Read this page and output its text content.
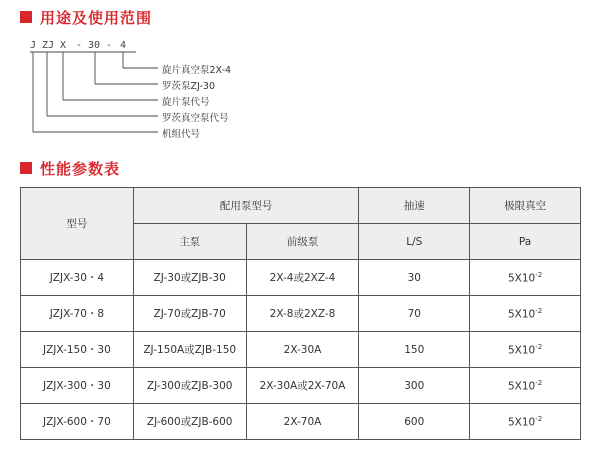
用途及使用范围
J ZJ X - 30 - 4
旋片真空泵2X-4
罗茨泵ZJ-30
旋片泵代号
罗茨真空泵代号
机组代号
性能参数表
型号	配用泵型号		抽速	极限真空
	主泵	前级泵	L/S	Pa
JZJX-30・4	ZJ-30或ZJB-30	2X-4或2XZ-4	30	$5X10^{-2}$
JZJX-70・8	ZJ-70或ZJB-70	2X-8或2XZ-8	70	$5X10^{-2}$
JZJX-150・30	ZJ-150A或ZJB-150	2X-30A	150	$5X10^{-2}$
JZJX-300・30	ZJ-300或ZJB-300	2X-30A或2X-70A	300	$5X10^{-2}$
JZJX-600・70	ZJ-600或ZJB-600	2X-70A	600	$5X10^{-2}$
